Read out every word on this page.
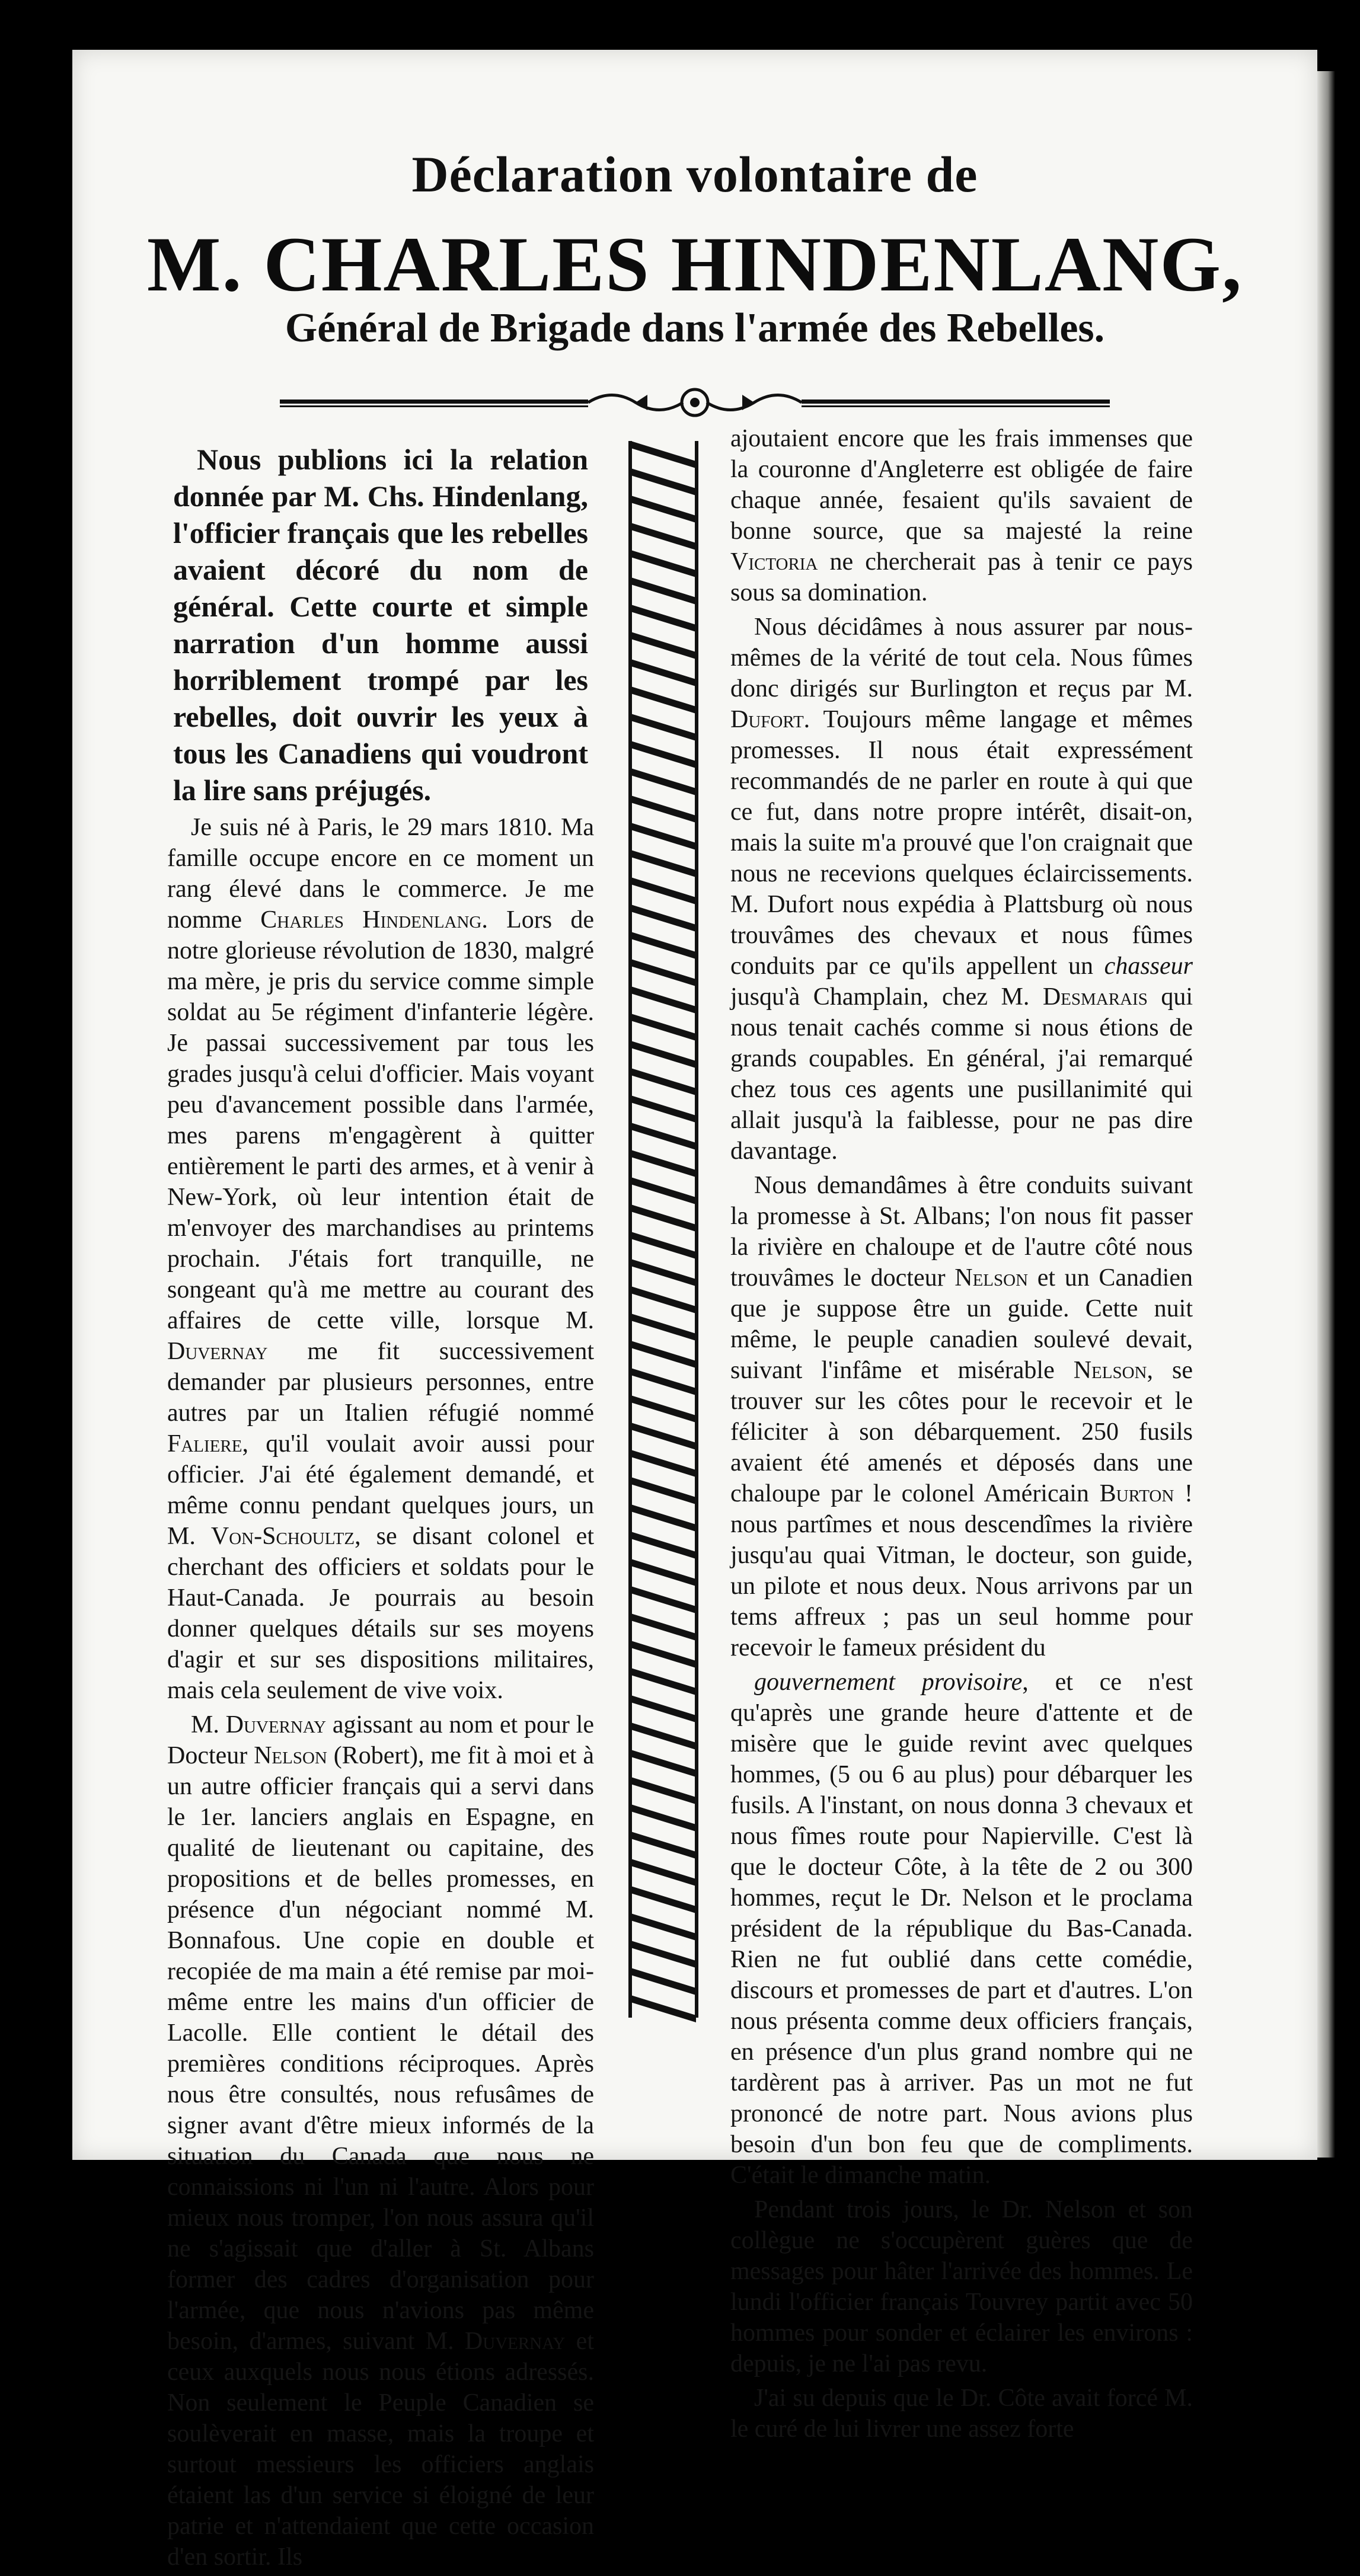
Déclaration volontaire de
M. CHARLES HINDENLANG,
Général de Brigade dans l'armée des Rebelles.

Nous publions ici la relation donnée par M. Chs. Hindenlang, l'officier français que les rebelles avaient décoré du nom de général. Cette courte et simple narration d'un homme aussi horriblement trompé par les rebelles, doit ouvrir les yeux à tous les Canadiens qui voudront la lire sans préjugés.

Je suis né à Paris, le 29 mars 1810. Ma famille occupe encore en ce moment un rang élevé dans le commerce. Je me nomme Charles Hindenlang. Lors de notre glorieuse révolution de 1830, malgré ma mère, je pris du service comme simple soldat au 5e régiment d'infanterie légère. Je passai successivement par tous les grades jusqu'à celui d'officier. Mais voyant peu d'avancement possible dans l'armée, mes parens m'engagèrent à quitter entièrement le parti des armes, et à venir à New-York, où leur intention était de m'envoyer des marchandises au printems prochain. J'étais fort tranquille, ne songeant qu'à me mettre au courant des affaires de cette ville, lorsque M. Duvernay me fit successivement demander par plusieurs personnes, entre autres par un Italien réfugié nommé Faliere, qu'il voulait avoir aussi pour officier. J'ai été également demandé, et même connu pendant quelques jours, un M. Von-Schoultz, se disant colonel et cherchant des officiers et soldats pour le Haut-Canada. Je pourrais au besoin donner quelques détails sur ses moyens d'agir et sur ses dispositions militaires, mais cela seulement de vive voix.

M. Duvernay agissant au nom et pour le Docteur Nelson (Robert), me fit à moi et à un autre officier français qui a servi dans le 1er. lanciers anglais en Espagne, en qualité de lieutenant ou capitaine, des propositions et de belles promesses, en présence d'un négociant nommé M. Bonnafous. Une copie en double et recopiée de ma main a été remise par moi-même entre les mains d'un officier de Lacolle. Elle contient le détail des premières conditions réciproques. Après nous être consultés, nous refusâmes de signer avant d'être mieux informés de la situation du Canada que nous ne connaissions ni l'un ni l'autre. Alors pour mieux nous tromper, l'on nous assura qu'il ne s'agissait que d'aller à St. Albans former des cadres d'organisation pour l'armée, que nous n'avions pas même besoin, d'armes, suivant M. Duvernay et ceux auxquels nous nous étions adressés. Non seulement le Peuple Canadien se soulèverait en masse, mais la troupe et surtout messieurs les officiers anglais étaient las d'un service si éloigné de leur patrie et n'attendaient que cette occasion d'en sortir. Ils

ajoutaient encore que les frais immenses que la couronne d'Angleterre est obligée de faire chaque année, fesaient qu'ils savaient de bonne source, que sa majesté la reine Victoria ne chercherait pas à tenir ce pays sous sa domination.

Nous décidâmes à nous assurer par nous-mêmes de la vérité de tout cela. Nous fûmes donc dirigés sur Burlington et reçus par M. Dufort. Toujours même langage et mêmes promesses. Il nous était expressément recommandés de ne parler en route à qui que ce fut, dans notre propre intérêt, disait-on, mais la suite m'a prouvé que l'on craignait que nous ne recevions quelques éclaircissements. M. Dufort nous expédia à Plattsburg où nous trouvâmes des chevaux et nous fûmes conduits par ce qu'ils appellent un chasseur jusqu'à Champlain, chez M. Desmarais qui nous tenait cachés comme si nous étions de grands coupables. En général, j'ai remarqué chez tous ces agents une pusillanimité qui allait jusqu'à la faiblesse, pour ne pas dire davantage.

Nous demandâmes à être conduits suivant la promesse à St. Albans; l'on nous fit passer la rivière en chaloupe et de l'autre côté nous trouvâmes le docteur Nelson et un Canadien que je suppose être un guide. Cette nuit même, le peuple canadien soulevé devait, suivant l'infâme et misérable Nelson, se trouver sur les côtes pour le recevoir et le féliciter à son débarquement. 250 fusils avaient été amenés et déposés dans une chaloupe par le colonel Américain Burton ! nous partîmes et nous descendîmes la rivière jusqu'au quai Vitman, le docteur, son guide, un pilote et nous deux. Nous arrivons par un tems affreux ; pas un seul homme pour recevoir le fameux président du

gouvernement provisoire, et ce n'est qu'après une grande heure d'attente et de misère que le guide revint avec quelques hommes, (5 ou 6 au plus) pour débarquer les fusils. A l'instant, on nous donna 3 chevaux et nous fîmes route pour Napierville. C'est là que le docteur Côte, à la tête de 2 ou 300 hommes, reçut le Dr. Nelson et le proclama président de la république du Bas-Canada. Rien ne fut oublié dans cette comédie, discours et promesses de part et d'autres. L'on nous présenta comme deux officiers français, en présence d'un plus grand nombre qui ne tardèrent pas à arriver. Pas un mot ne fut prononcé de notre part. Nous avions plus besoin d'un bon feu que de compliments. C'était le dimanche matin.

Pendant trois jours, le Dr. Nelson et son collègue ne s'occupèrent guères que de messages pour hâter l'arrivée des hommes. Le lundi l'officier français Touvrey partit avec 50 hommes pour sonder et éclairer les environs : depuis, je ne l'ai pas revu.

J'ai su depuis que le Dr. Côte avait forcé M. le curé de lui livrer une assez forte
